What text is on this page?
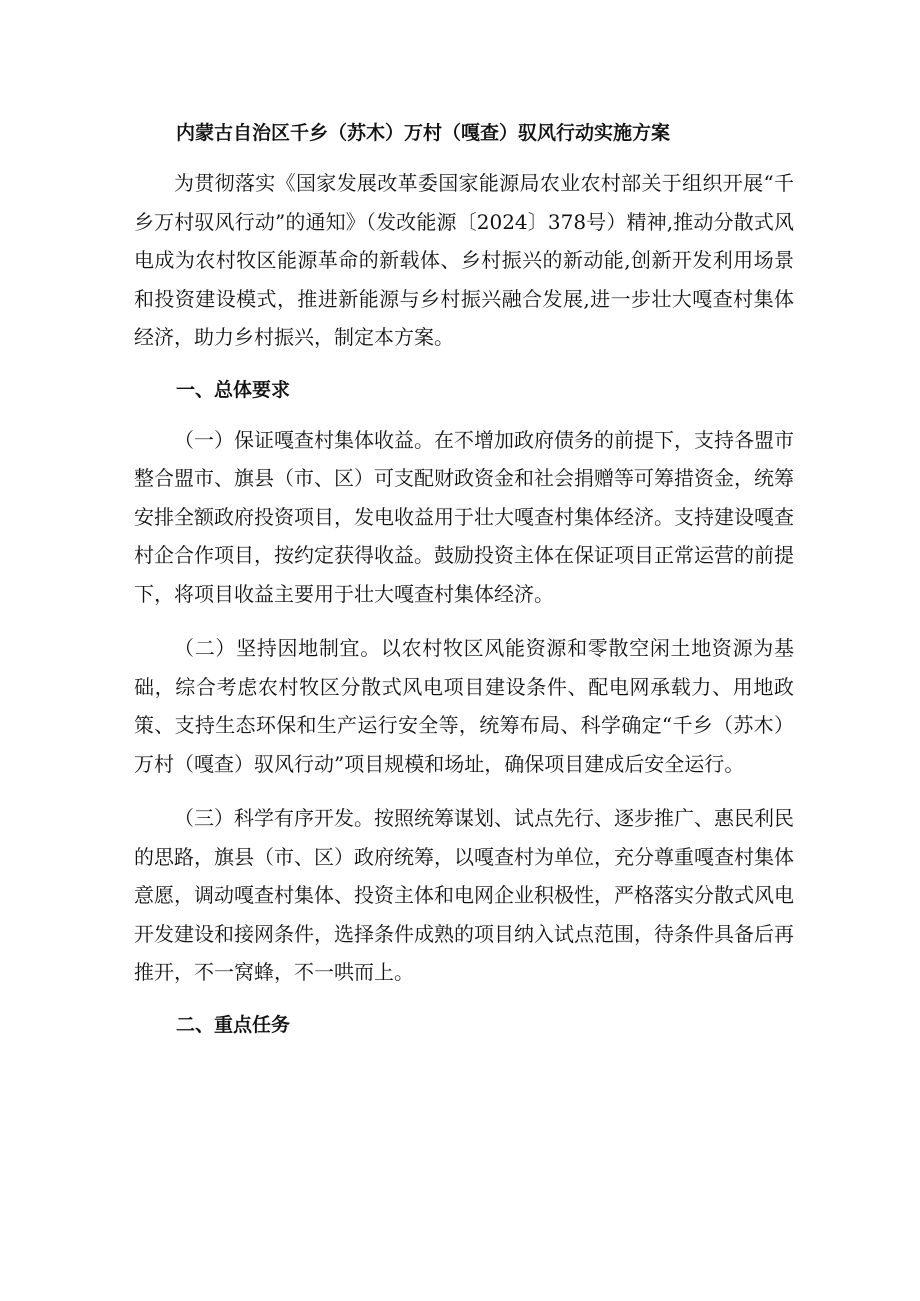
内蒙古自治区千乡（苏木）万村（嘎查）驭风行动实施方案

为贯彻落实《国家发展改革委国家能源局农业农村部关于组织开展“千乡万村驭风行动”的通知》（发改能源〔2024〕378号）精神,推动分散式风电成为农村牧区能源革命的新载体、乡村振兴的新动能,创新开发利用场景和投资建设模式，推进新能源与乡村振兴融合发展,进一步壮大嘎查村集体经济，助力乡村振兴，制定本方案。

一、总体要求

（一）保证嘎查村集体收益。在不增加政府债务的前提下，支持各盟市整合盟市、旗县（市、区）可支配财政资金和社会捐赠等可筹措资金，统筹安排全额政府投资项目，发电收益用于壮大嘎查村集体经济。支持建设嘎查村企合作项目，按约定获得收益。鼓励投资主体在保证项目正常运营的前提下，将项目收益主要用于壮大嘎查村集体经济。

（二）坚持因地制宜。以农村牧区风能资源和零散空闲土地资源为基础，综合考虑农村牧区分散式风电项目建设条件、配电网承载力、用地政策、支持生态环保和生产运行安全等，统筹布局、科学确定“千乡（苏木）万村（嘎查）驭风行动”项目规模和场址，确保项目建成后安全运行。

（三）科学有序开发。按照统筹谋划、试点先行、逐步推广、惠民利民的思路，旗县（市、区）政府统筹，以嘎查村为单位，充分尊重嘎查村集体意愿，调动嘎查村集体、投资主体和电网企业积极性，严格落实分散式风电开发建设和接网条件，选择条件成熟的项目纳入试点范围，待条件具备后再推开，不一窝蜂，不一哄而上。

二、重点任务
